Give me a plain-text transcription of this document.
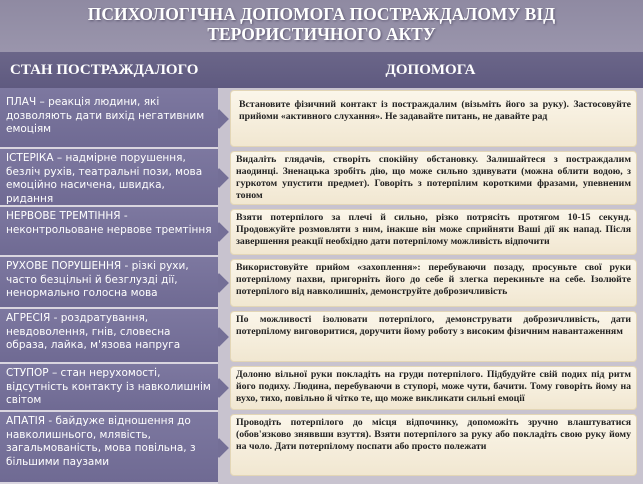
ПСИХОЛОГІЧНА ДОПОМОГА ПОСТРАЖДАЛОМУ ВІД ТЕРОРИСТИЧНОГО АКТУ
СТАН ПОСТРАЖДАЛОГО	ДОПОМОГА
ПЛАЧ – реакція людини, які дозволяють дати вихід негативним емоціям
Встановите фізичний контакт із постраждалим (візьміть його за руку). Застосовуйте прийоми «активного слухання». Не задавайте питань, не давайте рад
ІСТЕРІКА – надмірне порушення, безліч рухів, театральні пози, мова емоційно насичена, швидка, ридання
Видаліть глядачів, створіть спокійну обстановку. Залишайтеся з постраждалим наодинці. Зненацька зробіть дію, що може сильно здивувати (можна облити водою, з гуркотом упустити предмет). Говоріть з потерпілим короткими фразами, упевненим тоном
НЕРВОВЕ ТРЕМТІННЯ - неконтрольоване нервове тремтіння
Взяти потерпілого за плечі й сильно, різко потрясіть протягом 10-15 секунд. Продовжуйте розмовляти з ним, інакше він може сприйняти Ваші дії як напад. Після завершення реакції необхідно дати потерпілому можливість відпочити
РУХОВЕ ПОРУШЕННЯ - різкі рухи, часто безцільні й безглузді дії, ненормально голосна мова
Використовуйте прийом «захоплення»: перебуваючи позаду, просуньте свої руки потерпілому пахви, пригорніть його до себе й злегка перекиньте на себе. Ізолюйте потерпілого від навколишніх, демонструйте доброзичливість
АГРЕСІЯ - роздратування, невдоволення, гнів, словесна образа, лайка, м'язова напруга
По можливості ізолювати потерпілого, демонструвати доброзичливість, дати потерпілому виговоритися, доручити йому роботу з високим фізичним навантаженням
СТУПОР – стан нерухомості, відсутність контакту із навколишнім світом
Долоню вільної руки покладіть на груди потерпілого. Підбудуйте свій подих під ритм його подиху. Людина, перебуваючи в ступорі, може чути, бачити. Тому говоріть йому на вухо, тихо, повільно й чітко те, що може викликати сильні емоції
АПАТІЯ - байдуже відношення до навколишнього, млявість, загальмованість, мова повільна, з більшими паузами
Проводіть потерпілого до місця відпочинку, допоможіть зручно влаштуватися (обов'язково зняввши взуття). Взяти потерпілого за руку або покладіть свою руку йому на чоло. Дати потерпілому поспати або просто полежати
